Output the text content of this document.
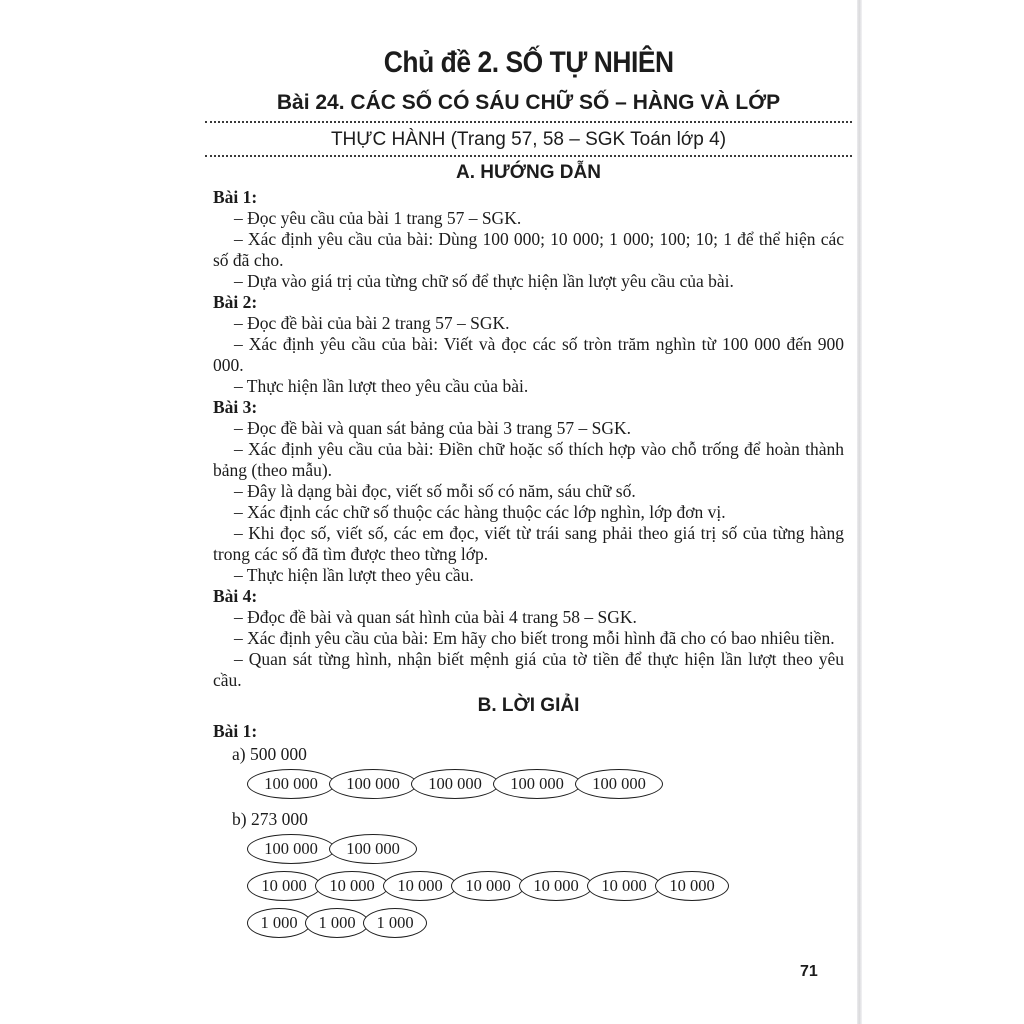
Chủ đề 2. SỐ TỰ NHIÊN
Bài 24. CÁC SỐ CÓ SÁU CHỮ SỐ – HÀNG VÀ LỚP
THỰC HÀNH (Trang 57, 58 – SGK Toán lớp 4)
A. HƯỚNG DẪN
Bài 1:

– Đọc yêu cầu của bài 1 trang 57 – SGK.

– Xác định yêu cầu của bài: Dùng 100 000; 10 000; 1 000; 100; 10; 1 để thể hiện các số đã cho.

– Dựa vào giá trị của từng chữ số để thực hiện lần lượt yêu cầu của bài.

Bài 2:

– Đọc đề bài của bài 2 trang 57 – SGK.

– Xác định yêu cầu của bài: Viết và đọc các số tròn trăm nghìn từ 100 000 đến 900 000.

– Thực hiện lần lượt theo yêu cầu của bài.

Bài 3:

– Đọc đề bài và quan sát bảng của bài 3 trang 57 – SGK.

– Xác định yêu cầu của bài: Điền chữ hoặc số thích hợp vào chỗ trống để hoàn thành bảng (theo mẫu).

– Đây là dạng bài đọc, viết số mỗi số có năm, sáu chữ số.

– Xác định các chữ số thuộc các hàng thuộc các lớp nghìn, lớp đơn vị.

– Khi đọc số, viết số, các em đọc, viết từ trái sang phải theo giá trị số của từng hàng trong các số đã tìm được theo từng lớp.

– Thực hiện lần lượt theo yêu cầu.

Bài 4:

– Đđọc đề bài và quan sát hình của bài 4 trang 58 – SGK.

– Xác định yêu cầu của bài: Em hãy cho biết trong mỗi hình đã cho có bao nhiêu tiền.

– Quan sát từng hình, nhận biết mệnh giá của tờ tiền để thực hiện lần lượt theo yêu cầu.

B. LỜI GIẢI
Bài 1:
a) 500 000
100 000 100 000 100 000 100 000 100 000
b) 273 000
100 000 100 000
10 000 10 000 10 000 10 000 10 000 10 000 10 000
1 000 1 000 1 000
71
